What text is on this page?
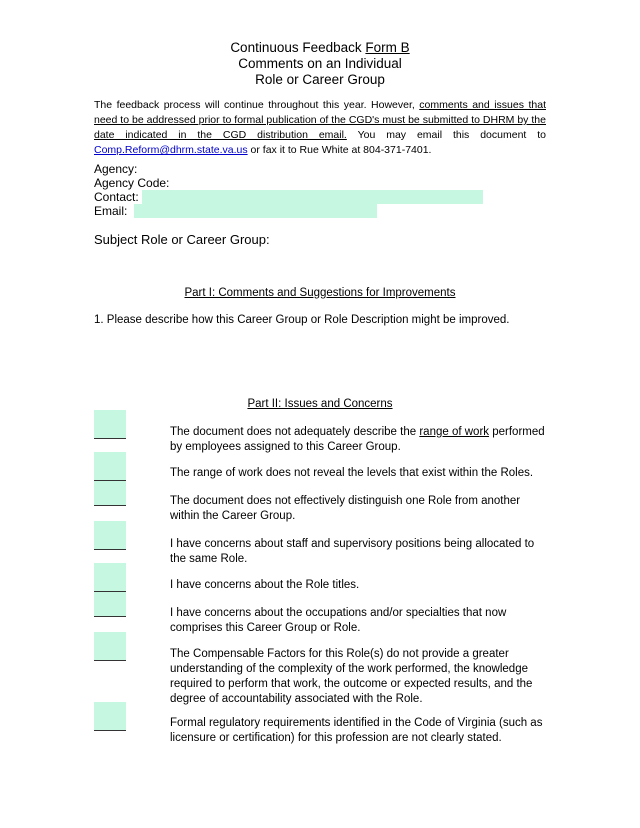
Continuous Feedback Form B
Comments on an Individual
Role or Career Group
The feedback process will continue throughout this year. However, comments and issues that need to be addressed prior to formal publication of the CGD's must be submitted to DHRM by the date indicated in the CGD distribution email. You may email this document to Comp.Reform@dhrm.state.va.us or fax it to Rue White at 804-371-7401.
Agency:
Agency Code:
Contact:
Email:
Subject Role or Career Group:
Part I: Comments and Suggestions for Improvements
1. Please describe how this Career Group or Role Description might be improved.
Part II: Issues and Concerns
The document does not adequately describe the range of work performed by employees assigned to this Career Group.
The range of work does not reveal the levels that exist within the Roles.
The document does not effectively distinguish one Role from another within the Career Group.
I have concerns about staff and supervisory positions being allocated to the same Role.
I have concerns about the Role titles.
I have concerns about the occupations and/or specialties that now comprises this Career Group or Role.
The Compensable Factors for this Role(s) do not provide a greater understanding of the complexity of the work performed, the knowledge required to perform that work, the outcome or expected results, and the degree of accountability associated with the Role.
Formal regulatory requirements identified in the Code of Virginia (such as licensure or certification) for this profession are not clearly stated.
